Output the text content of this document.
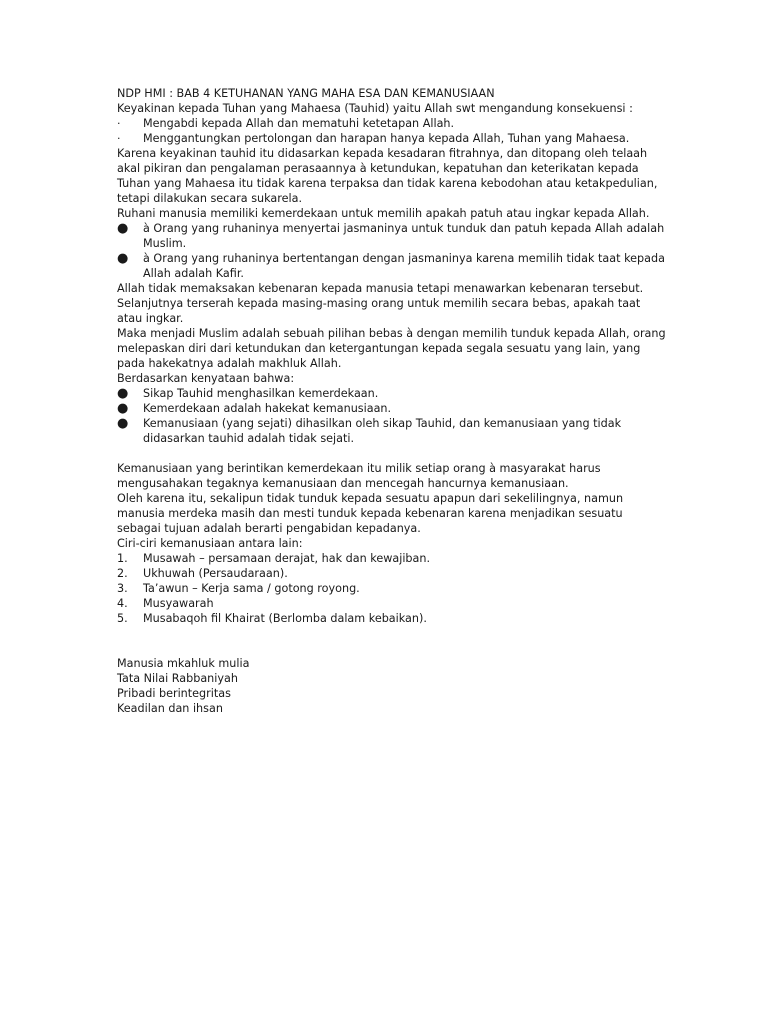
NDP HMI : BAB 4 KETUHANAN YANG MAHA ESA DAN KEMANUSIAAN

Keyakinan kepada Tuhan yang Mahaesa (Tauhid) yaitu Allah swt mengandung konsekuensi :

·	Mengabdi kepada Allah dan mematuhi ketetapan Allah.
·	Menggantungkan pertolongan dan harapan hanya kepada Allah, Tuhan yang Mahaesa.

Karena keyakinan tauhid itu didasarkan kepada kesadaran fitrahnya, dan ditopang oleh telaah akal pikiran dan pengalaman perasaannya à ketundukan, kepatuhan dan keterikatan kepada Tuhan yang Mahaesa itu tidak karena terpaksa dan tidak karena kebodohan atau ketakpedulian, tetapi dilakukan secara sukarela.

Ruhani manusia memiliki kemerdekaan untuk memilih apakah patuh atau ingkar kepada Allah.

●	à Orang yang ruhaninya menyertai jasmaninya untuk tunduk dan patuh kepada Allah adalah Muslim.
●	à Orang yang ruhaninya bertentangan dengan jasmaninya karena memilih tidak taat kepada Allah adalah Kafir.

Allah tidak memaksakan kebenaran kepada manusia tetapi menawarkan kebenaran tersebut.

Selanjutnya terserah kepada masing-masing orang untuk memilih secara bebas, apakah taat atau ingkar.

Maka menjadi Muslim adalah sebuah pilihan bebas à dengan memilih tunduk kepada Allah, orang melepaskan diri dari ketundukan dan ketergantungan kepada segala sesuatu yang lain, yang pada hakekatnya adalah makhluk Allah.

Berdasarkan kenyataan bahwa:

●	Sikap Tauhid menghasilkan kemerdekaan.
●	Kemerdekaan adalah hakekat kemanusiaan.
●	Kemanusiaan (yang sejati) dihasilkan oleh sikap Tauhid, dan kemanusiaan yang tidak didasarkan tauhid adalah tidak sejati.

Kemanusiaan yang berintikan kemerdekaan itu milik setiap orang à masyarakat harus mengusahakan tegaknya kemanusiaan dan mencegah hancurnya kemanusiaan.

Oleh karena itu, sekalipun tidak tunduk kepada sesuatu apapun dari sekelilingnya, namun manusia merdeka masih dan mesti tunduk kepada kebenaran karena menjadikan sesuatu sebagai tujuan adalah berarti pengabidan kepadanya.

Ciri-ciri kemanusiaan antara lain:

1.	Musawah – persamaan derajat, hak dan kewajiban.
2.	Ukhuwah (Persaudaraan).
3.	Ta’awun – Kerja sama / gotong royong.
4.	Musyawarah
5.	Musabaqoh fil Khairat (Berlomba dalam kebaikan).

Manusia mkahluk mulia

Tata Nilai Rabbaniyah

Pribadi berintegritas

Keadilan dan ihsan
